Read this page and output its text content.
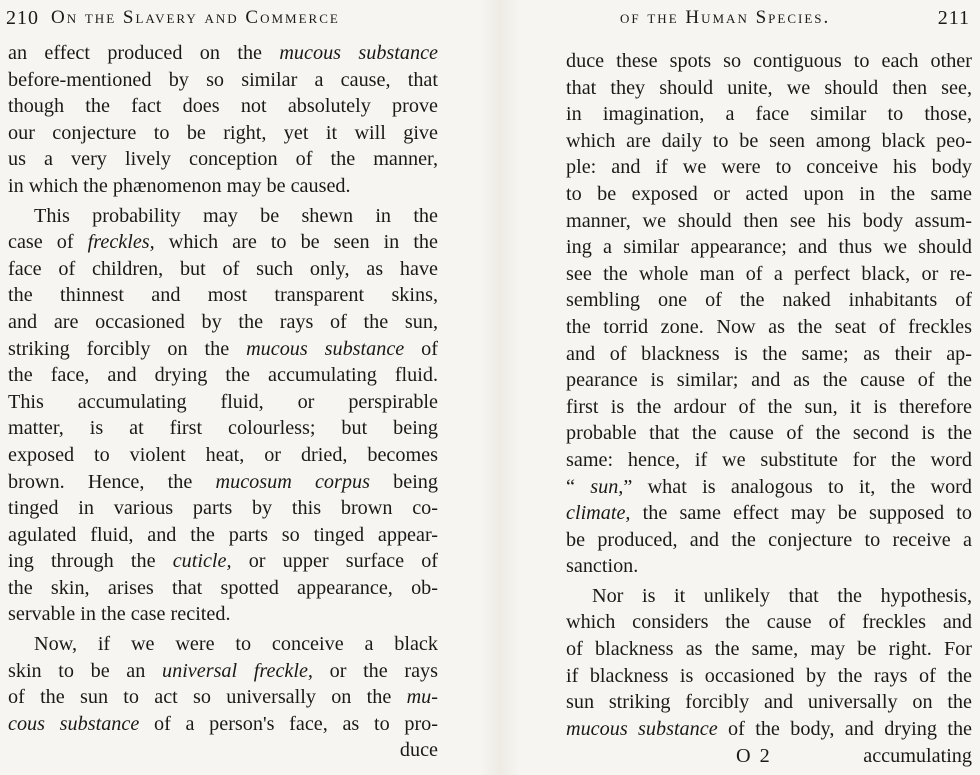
210 On the Slavery and Commerce
an effect produced on the mucous substance
before-mentioned by so similar a cause, that
though the fact does not absolutely prove
our conjecture to be right, yet it will give
us a very lively conception of the manner,
in which the phænomenon may be caused.
This probability may be shewn in the
case of freckles, which are to be seen in the
face of children, but of such only, as have
the thinnest and most transparent skins,
and are occasioned by the rays of the sun,
striking forcibly on the mucous substance of
the face, and drying the accumulating fluid.
This accumulating fluid, or perspirable
matter, is at first colourless; but being
exposed to violent heat, or dried, becomes
brown. Hence, the mucosum corpus being
tinged in various parts by this brown co-
agulated fluid, and the parts so tinged appear-
ing through the cuticle, or upper surface of
the skin, arises that spotted appearance, ob-
servable in the case recited.
Now, if we were to conceive a black
skin to be an universal freckle, or the rays
of the sun to act so universally on the mu-
cous substance of a person's face, as to pro-
duce
of the Human Species.	211
duce these spots so contiguous to each other
that they should unite, we should then see,
in imagination, a face similar to those,
which are daily to be seen among black peo-
ple: and if we were to conceive his body
to be exposed or acted upon in the same
manner, we should then see his body assum-
ing a similar appearance; and thus we should
see the whole man of a perfect black, or re-
sembling one of the naked inhabitants of
the torrid zone. Now as the seat of freckles
and of blackness is the same; as their ap-
pearance is similar; and as the cause of the
first is the ardour of the sun, it is therefore
probable that the cause of the second is the
same: hence, if we substitute for the word
“ sun,” what is analogous to it, the word
climate, the same effect may be supposed to
be produced, and the conjecture to receive a
sanction.
Nor is it unlikely that the hypothesis,
which considers the cause of freckles and
of blackness as the same, may be right. For
if blackness is occasioned by the rays of the
sun striking forcibly and universally on the
mucous substance of the body, and drying the
O 2	accumulating
